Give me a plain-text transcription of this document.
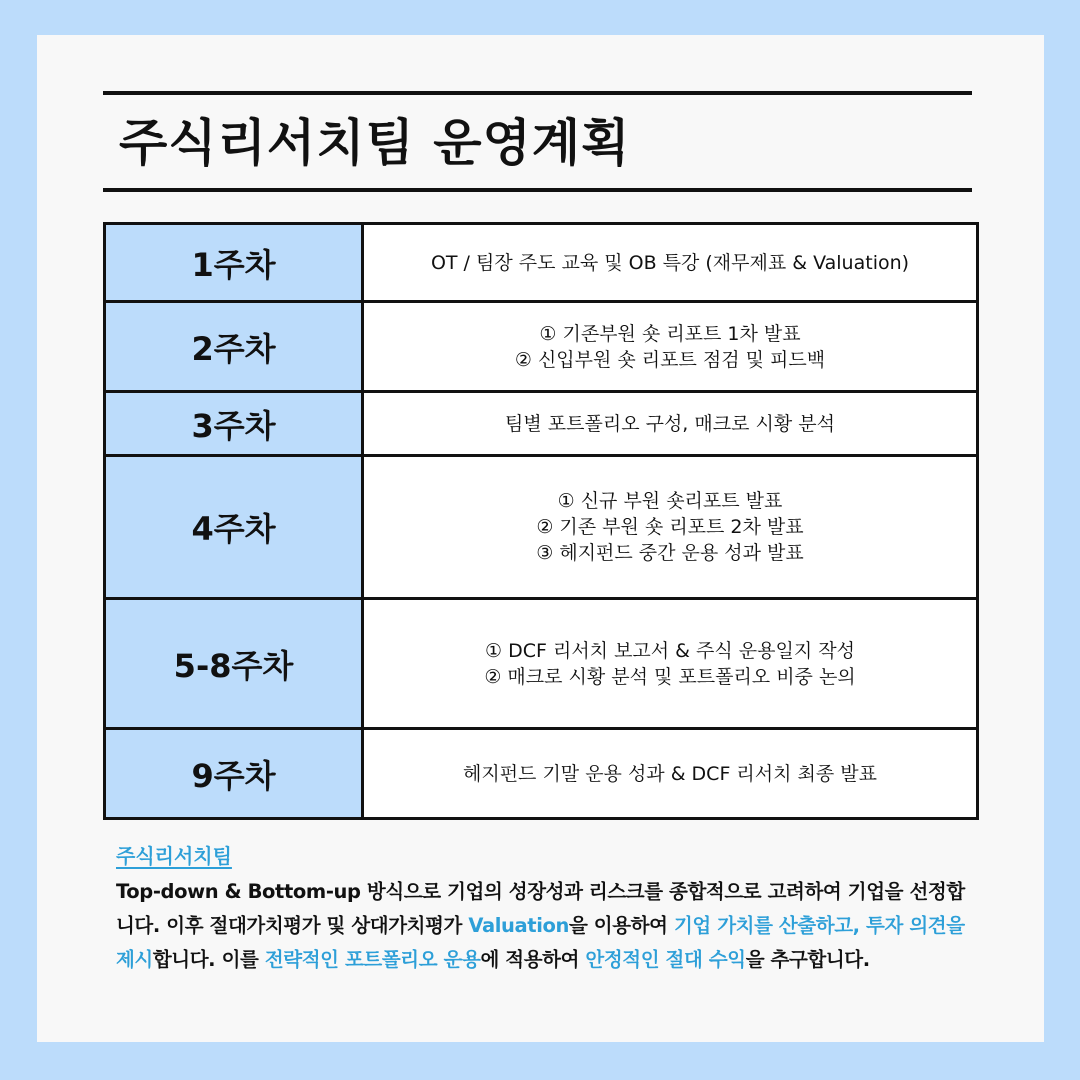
주식리서치팀 운영계획
1주차	OT / 팀장 주도 교육 및 OB 특강 (재무제표 & Valuation)

2주차	① 기존부원 숏 리포트 1차 발표
② 신입부원 숏 리포트 점검 및 피드백

3주차	팀별 포트폴리오 구성, 매크로 시황 분석

4주차	① 신규 부원 숏리포트 발표
② 기존 부원 숏 리포트 2차 발표
③ 헤지펀드 중간 운용 성과 발표

5-8주차	① DCF 리서치 보고서 & 주식 운용일지 작성
② 매크로 시황 분석 및 포트폴리오 비중 논의

9주차	헤지펀드 기말 운용 성과 & DCF 리서치 최종 발표
주식리서치팀
Top-down & Bottom-up 방식으로 기업의 성장성과 리스크를 종합적으로 고려하여 기업을 선정합니다. 이후 절대가치평가 및 상대가치평가 Valuation을 이용하여 기업 가치를 산출하고, 투자 의견을 제시합니다. 이를 전략적인 포트폴리오 운용에 적용하여 안정적인 절대 수익을 추구합니다.
